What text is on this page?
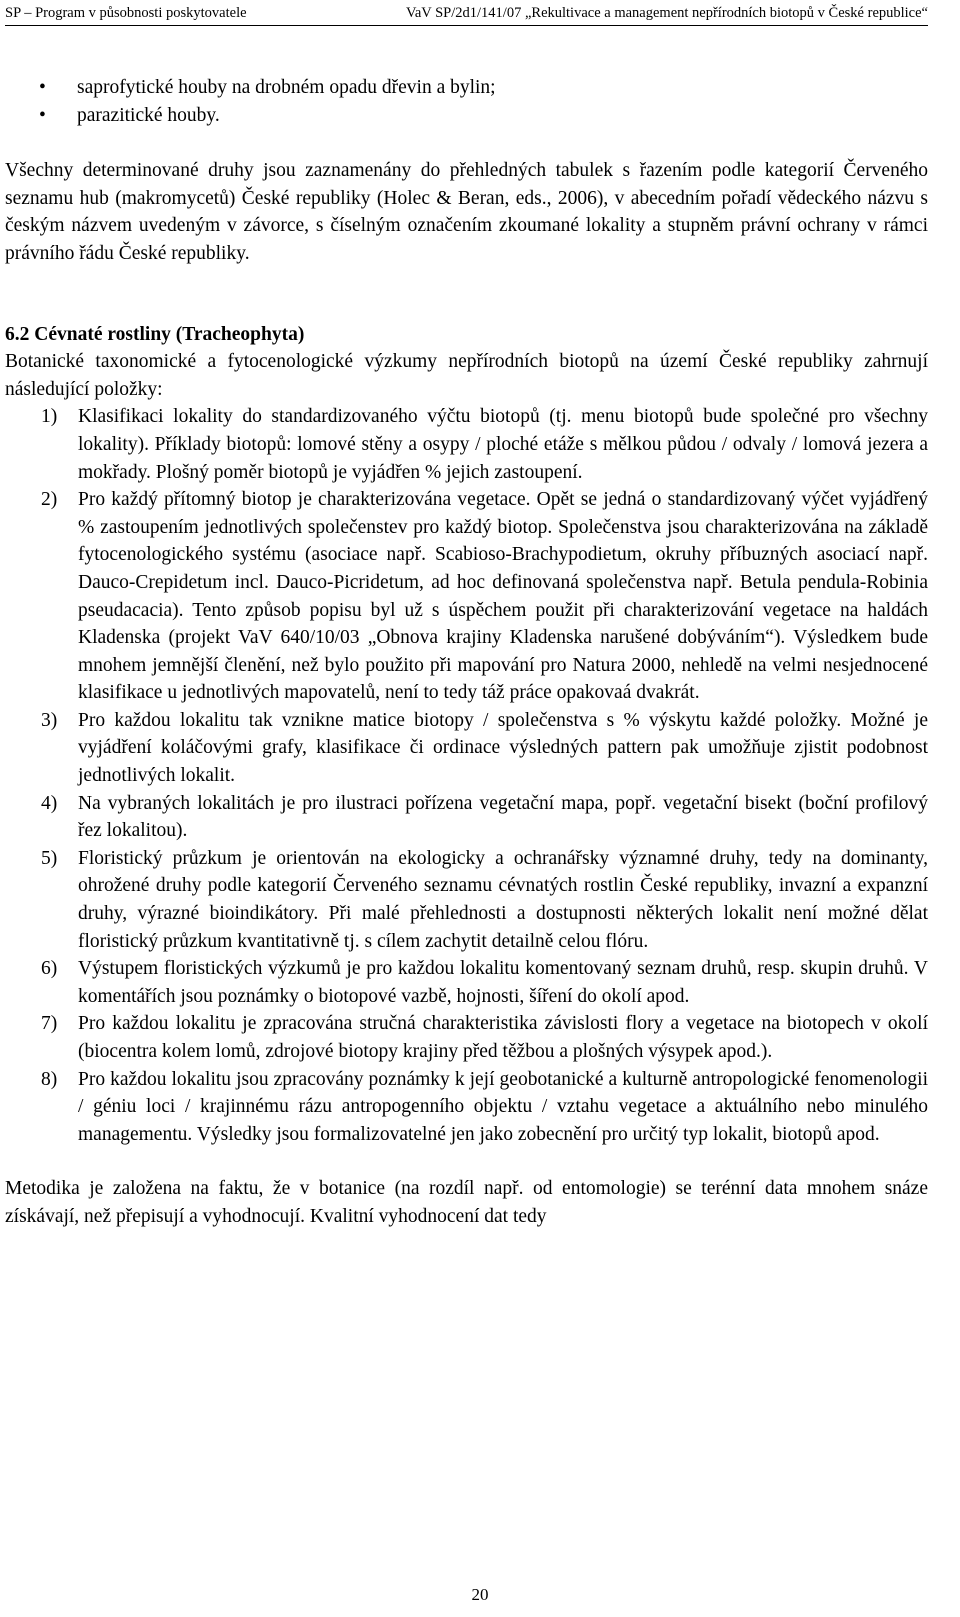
SP – Program v působnosti poskytovatele	VaV SP/2d1/141/07 „Rekultivace a management nepřírodních biotopů v České republice“
• saprofytické houby na drobném opadu dřevin a bylin;
• parazitické houby.

Všechny determinované druhy jsou zaznamenány do přehledných tabulek s řazením podle kategorií Červeného seznamu hub (makromycetů) České republiky (Holec & Beran, eds., 2006), v abecedním pořadí vědeckého názvu s českým názvem uvedeným v závorce, s číselným označením zkoumané lokality a stupněm právní ochrany v rámci právního řádu České republiky.

6.2 Cévnaté rostliny (Tracheophyta)

Botanické taxonomické a fytocenologické výzkumy nepřírodních biotopů na území České republiky zahrnují následující položky:

1) Klasifikaci lokality do standardizovaného výčtu biotopů (tj. menu biotopů bude společné pro všechny lokality). Příklady biotopů: lomové stěny a osypy / ploché etáže s mělkou půdou / odvaly / lomová jezera a mokřady. Plošný poměr biotopů je vyjádřen % jejich zastoupení.
2) Pro každý přítomný biotop je charakterizována vegetace. Opět se jedná o standardizovaný výčet vyjádřený % zastoupením jednotlivých společenstev pro každý biotop. Společenstva jsou charakterizována na základě fytocenologického systému (asociace např. Scabioso-Brachypodietum, okruhy příbuzných asociací např. Dauco-Crepidetum incl. Dauco-Picridetum, ad hoc definovaná společenstva např. Betula pendula-Robinia pseudacacia). Tento způsob popisu byl už s úspěchem použit při charakterizování vegetace na haldách Kladenska (projekt VaV 640/10/03 „Obnova krajiny Kladenska narušené dobýváním“). Výsledkem bude mnohem jemnější členění, než bylo použito při mapování pro Natura 2000, nehledě na velmi nesjednocené klasifikace u jednotlivých mapovatelů, není to tedy táž práce opakovaá dvakrát.
3) Pro každou lokalitu tak vznikne matice biotopy / společenstva s % výskytu každé položky. Možné je vyjádření koláčovými grafy, klasifikace či ordinace výsledných pattern pak umožňuje zjistit podobnost jednotlivých lokalit.
4) Na vybraných lokalitách je pro ilustraci pořízena vegetační mapa, popř. vegetační bisekt (boční profilový řez lokalitou).
5) Floristický průzkum je orientován na ekologicky a ochranářsky významné druhy, tedy na dominanty, ohrožené druhy podle kategorií Červeného seznamu cévnatých rostlin České republiky, invazní a expanzní druhy, výrazné bioindikátory. Při malé přehlednosti a dostupnosti některých lokalit není možné dělat floristický průzkum kvantitativně tj. s cílem zachytit detailně celou flóru.
6) Výstupem floristických výzkumů je pro každou lokalitu komentovaný seznam druhů, resp. skupin druhů. V komentářích jsou poznámky o biotopové vazbě, hojnosti, šíření do okolí apod.
7) Pro každou lokalitu je zpracována stručná charakteristika závislosti flory a vegetace na biotopech v okolí (biocentra kolem lomů, zdrojové biotopy krajiny před těžbou a plošných výsypek apod.).
8) Pro každou lokalitu jsou zpracovány poznámky k její geobotanické a kulturně antropologické fenomenologii / géniu loci / krajinnému rázu antropogenního objektu / vztahu vegetace a aktuálního nebo minulého managementu. Výsledky jsou formalizovatelné jen jako zobecnění pro určitý typ lokalit, biotopů apod.

Metodika je založena na faktu, že v botanice (na rozdíl např. od entomologie) se terénní data mnohem snáze získávají, než přepisují a vyhodnocují. Kvalitní vyhodnocení dat tedy

20
